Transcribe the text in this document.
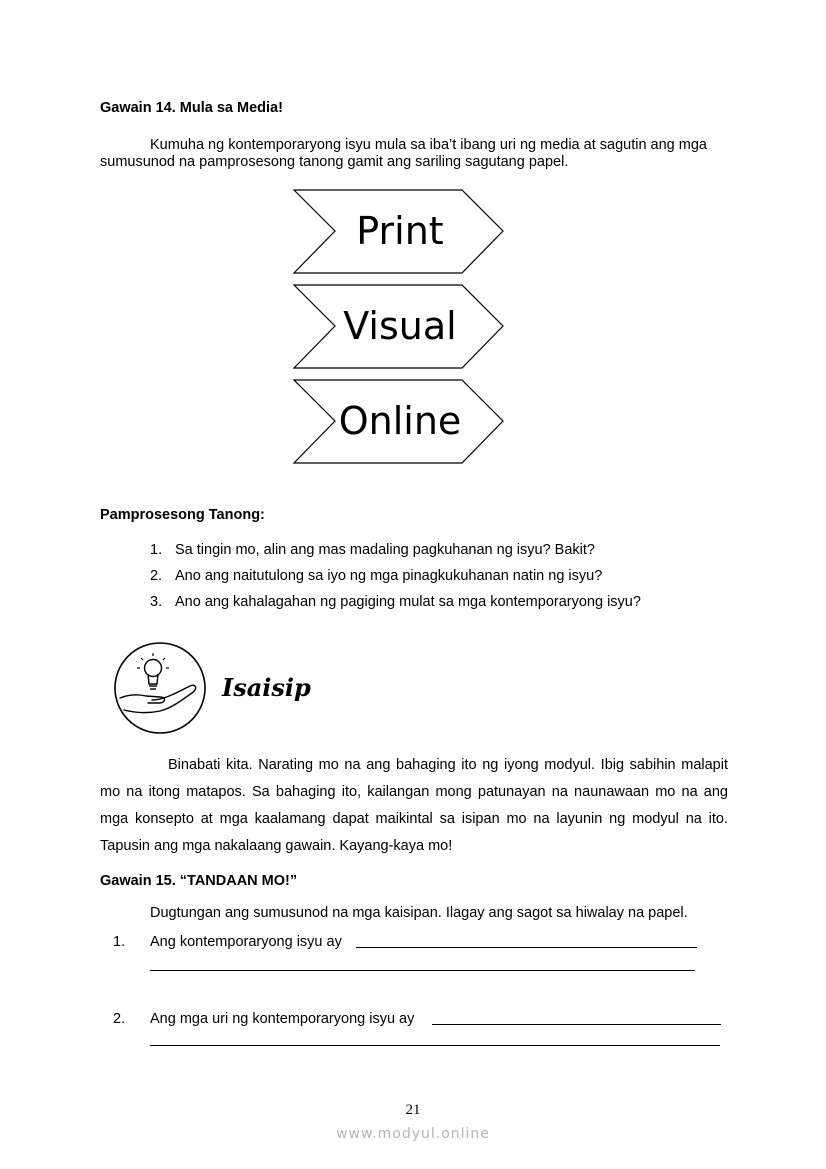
Gawain 14. Mula sa Media!
Kumuha ng kontemporaryong isyu mula sa iba’t ibang uri ng media at sagutin ang mga
sumusunod na pamprosesong tanong gamit ang sariling sagutang papel.
Print
Visual
Online
Pamprosesong Tanong:
1. Sa tingin mo, alin ang mas madaling pagkuhanan ng isyu? Bakit?
2. Ano ang naitutulong sa iyo ng mga pinagkukuhanan natin ng isyu?
3. Ano ang kahalagahan ng pagiging mulat sa mga kontemporaryong isyu?
Isaisip
Binabati kita. Narating mo na ang bahaging ito ng iyong modyul. Ibig sabihin malapit mo na itong matapos. Sa bahaging ito, kailangan mong patunayan na naunawaan mo na ang mga konsepto at mga kaalamang dapat maikintal sa isipan mo na layunin ng modyul na ito. Tapusin ang mga nakalaang gawain. Kayang-kaya mo!
Gawain 15. “TANDAAN MO!”
Dugtungan ang sumusunod na mga kaisipan. Ilagay ang sagot sa hiwalay na papel.
1. Ang kontemporaryong isyu ay
2. Ang mga uri ng kontemporaryong isyu ay
21
www.modyul.online
